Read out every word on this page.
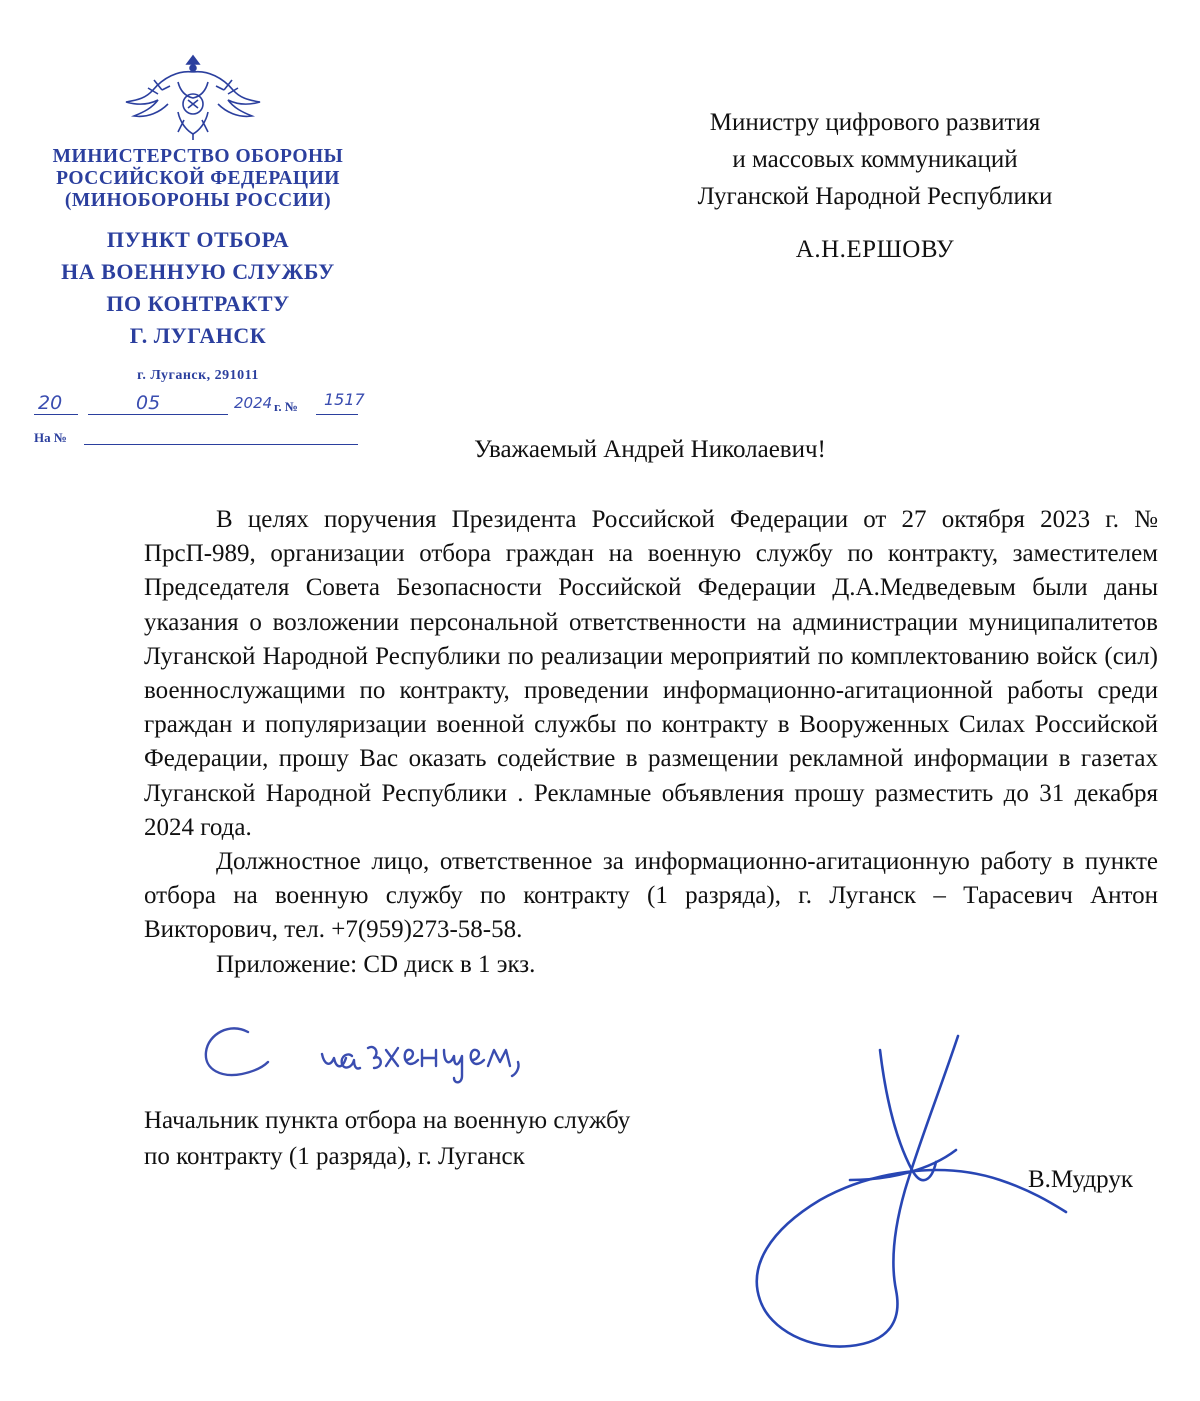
МИНИСТЕРСТВО ОБОРОНЫ
РОССИЙСКОЙ ФЕДЕРАЦИИ
(МИНОБОРОНЫ РОССИИ)
ПУНКТ ОТБОРА
НА ВОЕННУЮ СЛУЖБУ
ПО КОНТРАКТУ
Г. ЛУГАНСК
г. Луганск, 291011
20	05	2024 г. № 1517
На №
Министру цифрового развития
и массовых коммуникаций
Луганской Народной Республики
А.Н.ЕРШОВУ
Уважаемый Андрей Николаевич!

В целях поручения Президента Российской Федерации от 27 октября 2023 г. № ПрсП-989, организации отбора граждан на военную службу по контракту, заместителем Председателя Совета Безопасности Российской Федерации Д.А.Медведевым были даны указания о возложении персональной ответственности на администрации муниципалитетов Луганской Народной Республики по реализации мероприятий по комплектованию войск (сил) военнослужащими по контракту, проведении информационно-агитационной работы среди граждан и популяризации военной службы по контракту в Вооруженных Силах Российской Федерации, прошу Вас оказать содействие в размещении рекламной информации в газетах Луганской Народной Республики . Рекламные объявления прошу разместить до 31 декабря 2024 года.

Должностное лицо, ответственное за информационно-агитационную работу в пункте отбора на военную службу по контракту (1 разряда), г. Луганск – Тарасевич Антон Викторович, тел. +7(959)273-58-58.

Приложение: CD диск в 1 экз.

Начальник пункта отбора на военную службу
по контракту (1 разряда), г. Луганск
В.Мудрук
